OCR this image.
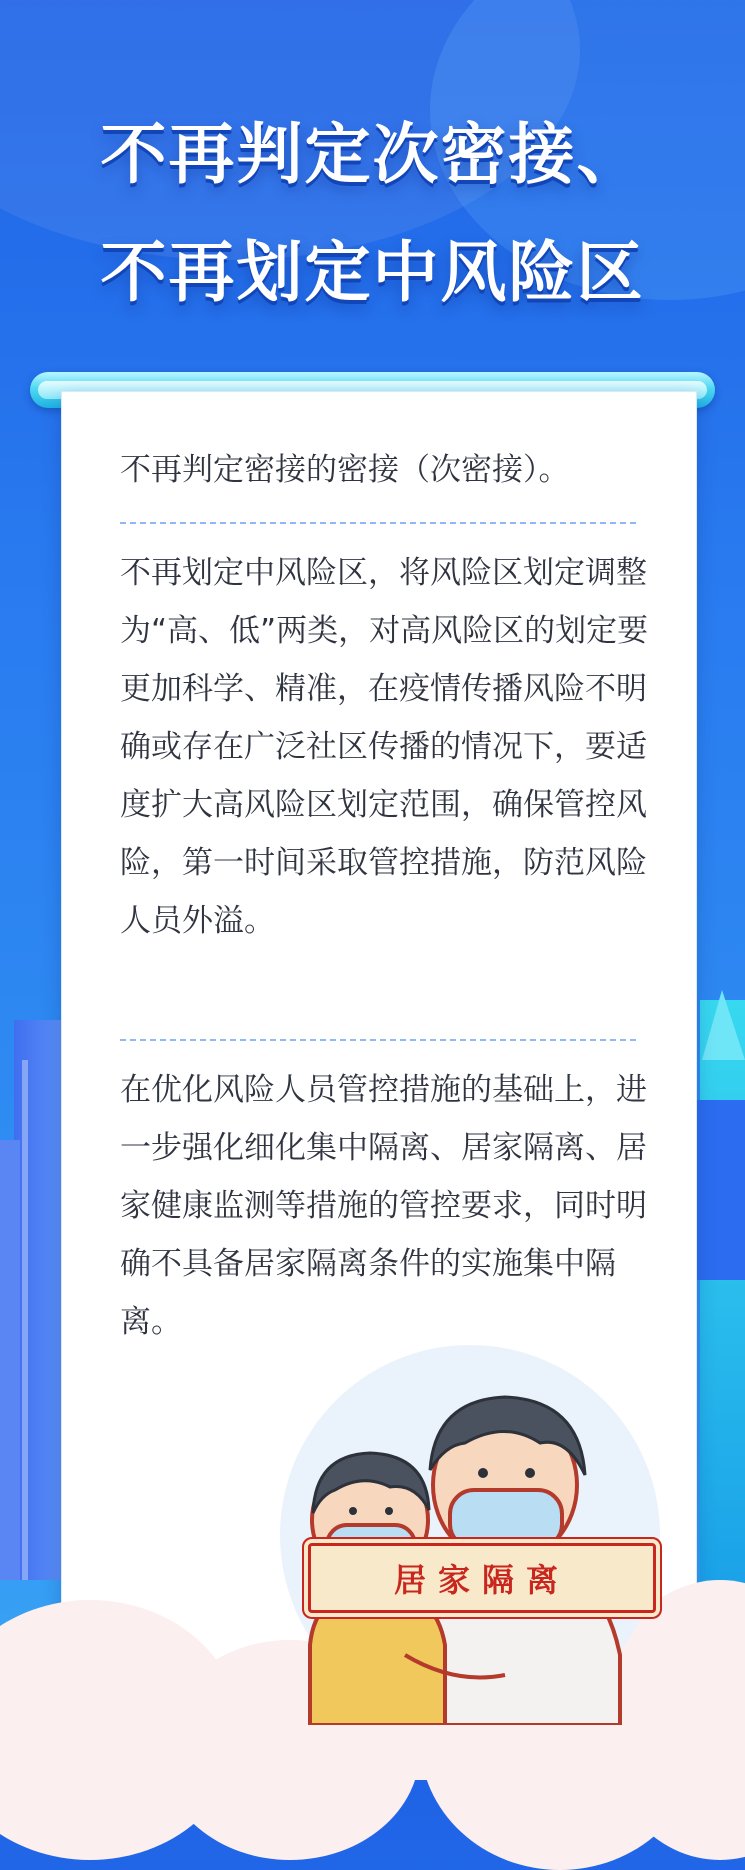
不再判定次密接、
不再划定中风险区

不再判定密接的密接（次密接）。

不再划定中风险区，将风险区划定调整为“高、低”两类，对高风险区的划定要更加科学、精准，在疫情传播风险不明确或存在广泛社区传播的情况下，要适度扩大高风险区划定范围，确保管控风险，第一时间采取管控措施，防范风险人员外溢。

在优化风险人员管控措施的基础上，进一步强化细化集中隔离、居家隔离、居家健康监测等措施的管控要求，同时明确不具备居家隔离条件的实施集中隔离。

居家隔离
